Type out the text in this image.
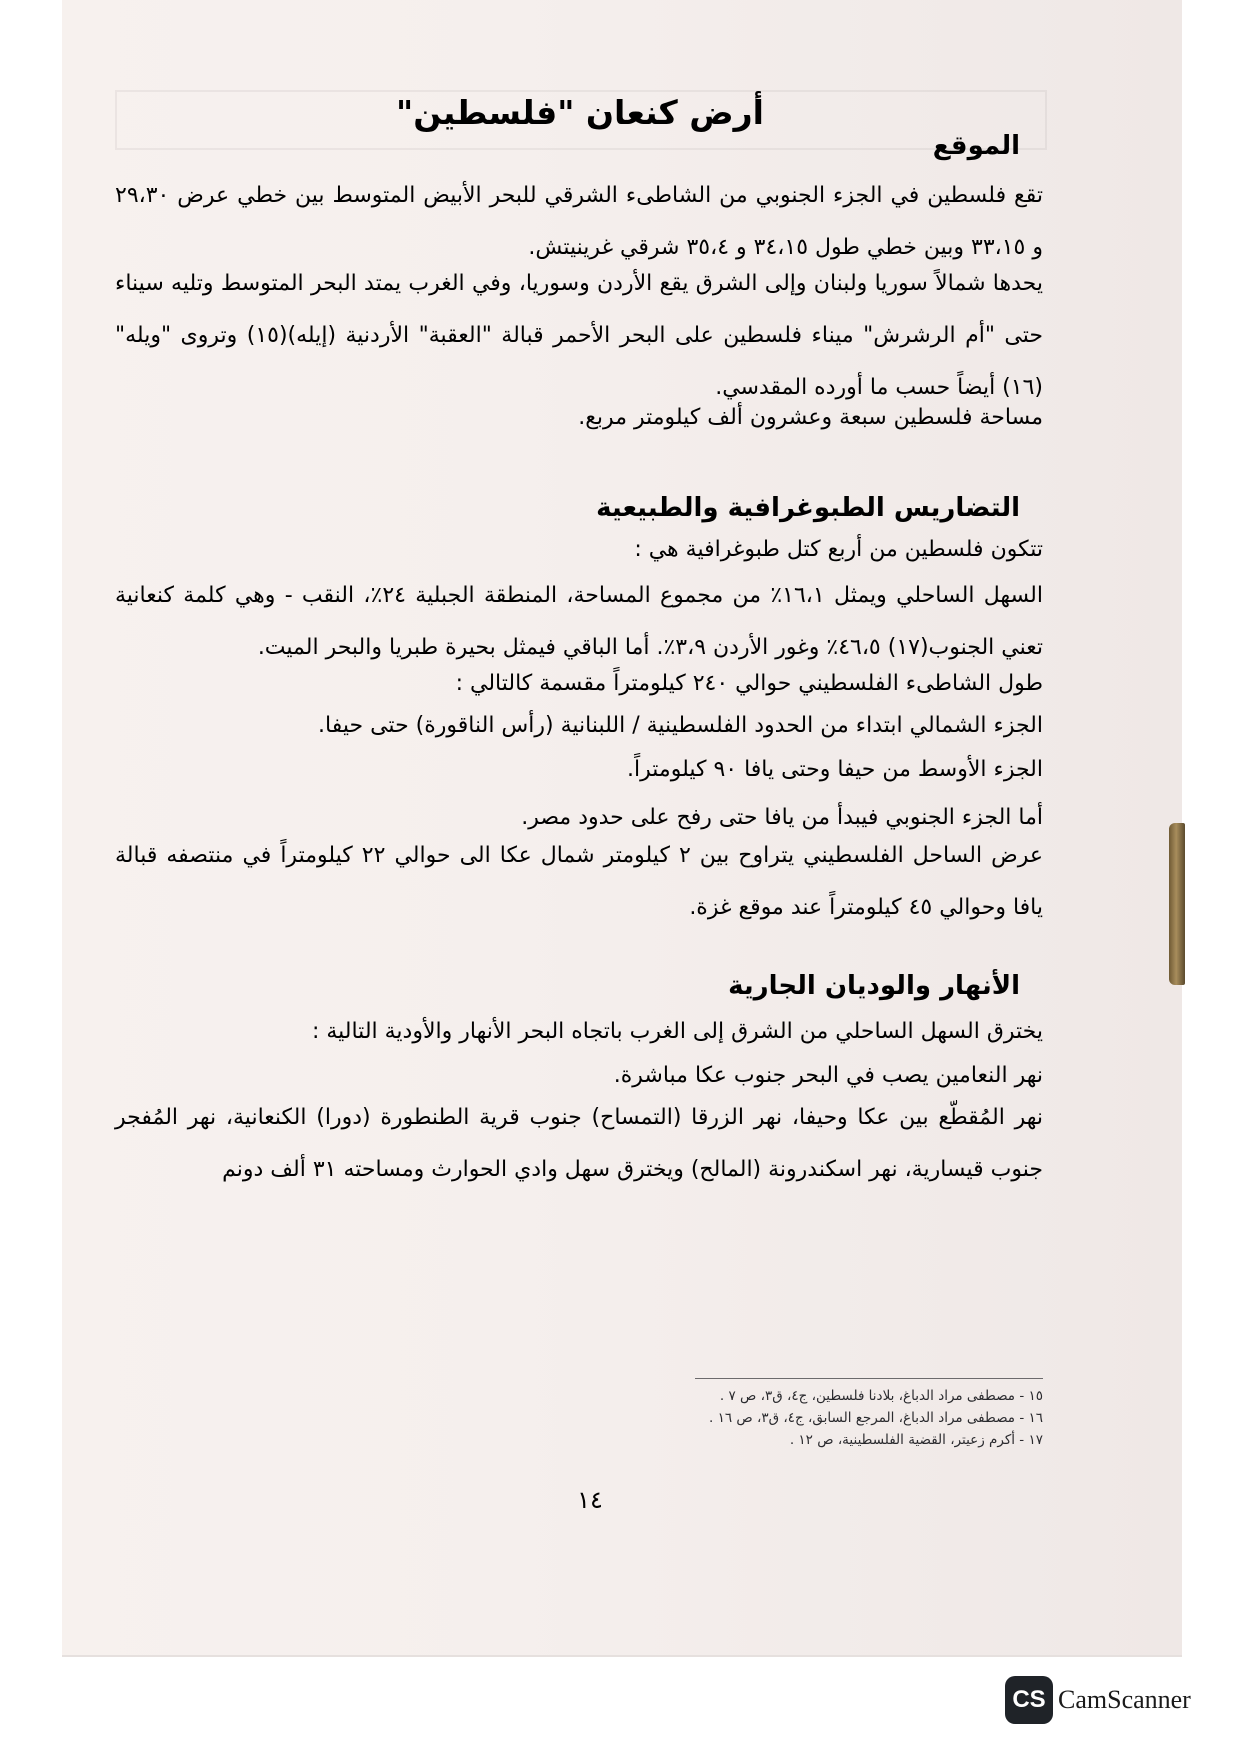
أرض كنعان "فلسطين"
الموقع
تقع فلسطين في الجزء الجنوبي من الشاطىء الشرقي للبحر الأبيض المتوسط بين خطي عرض ٢٩،٣٠ و ٣٣،١٥ وبين خطي طول ٣٤،١٥ و ٣٥،٤ شرقي غرينيتش.
يحدها شمالاً سوريا ولبنان وإلى الشرق يقع الأردن وسوريا، وفي الغرب يمتد البحر المتوسط وتليه سيناء حتى "أم الرشرش" ميناء فلسطين على البحر الأحمر قبالة "العقبة" الأردنية (إيله)(١٥) وتروى "ويله" (١٦) أيضاً حسب ما أورده المقدسي.
مساحة فلسطين سبعة وعشرون ألف كيلومتر مربع.
التضاريس الطبوغرافية والطبيعية
تتكون فلسطين من أربع كتل طبوغرافية هي :
السهل الساحلي ويمثل ١٦،١٪ من مجموع المساحة، المنطقة الجبلية ٢٤٪، النقب - وهي كلمة كنعانية تعني الجنوب(١٧) ٤٦،٥٪ وغور الأردن ٣،٩٪. أما الباقي فيمثل بحيرة طبريا والبحر الميت.
طول الشاطىء الفلسطيني حوالي ٢٤٠ كيلومتراً مقسمة كالتالي :
الجزء الشمالي ابتداء من الحدود الفلسطينية / اللبنانية (رأس الناقورة) حتى حيفا.
الجزء الأوسط من حيفا وحتى يافا ٩٠ كيلومتراً.
أما الجزء الجنوبي فيبدأ من يافا حتى رفح على حدود مصر.
عرض الساحل الفلسطيني يتراوح بين ٢ كيلومتر شمال عكا الى حوالي ٢٢ كيلومتراً في منتصفه قبالة يافا وحوالي ٤٥ كيلومتراً عند موقع غزة.
الأنهار والوديان الجارية
يخترق السهل الساحلي من الشرق إلى الغرب باتجاه البحر الأنهار والأودية التالية :
نهر النعامين يصب في البحر جنوب عكا مباشرة.
نهر المُقطّع بين عكا وحيفا، نهر الزرقا (التمساح) جنوب قرية الطنطورة (دورا) الكنعانية، نهر المُفجر جنوب قيسارية، نهر اسكندرونة (المالح) ويخترق سهل وادي الحوارث ومساحته ٣١ ألف دونم
١٥ - مصطفى مراد الدباغ، بلادنا فلسطين، ج٤، ق٣، ص ٧ .
١٦ - مصطفى مراد الدباغ، المرجع السابق، ج٤، ق٣، ص ١٦ .
١٧ - أكرم زعيتر، القضية الفلسطينية، ص ١٢ .
١٤
CS CamScanner
